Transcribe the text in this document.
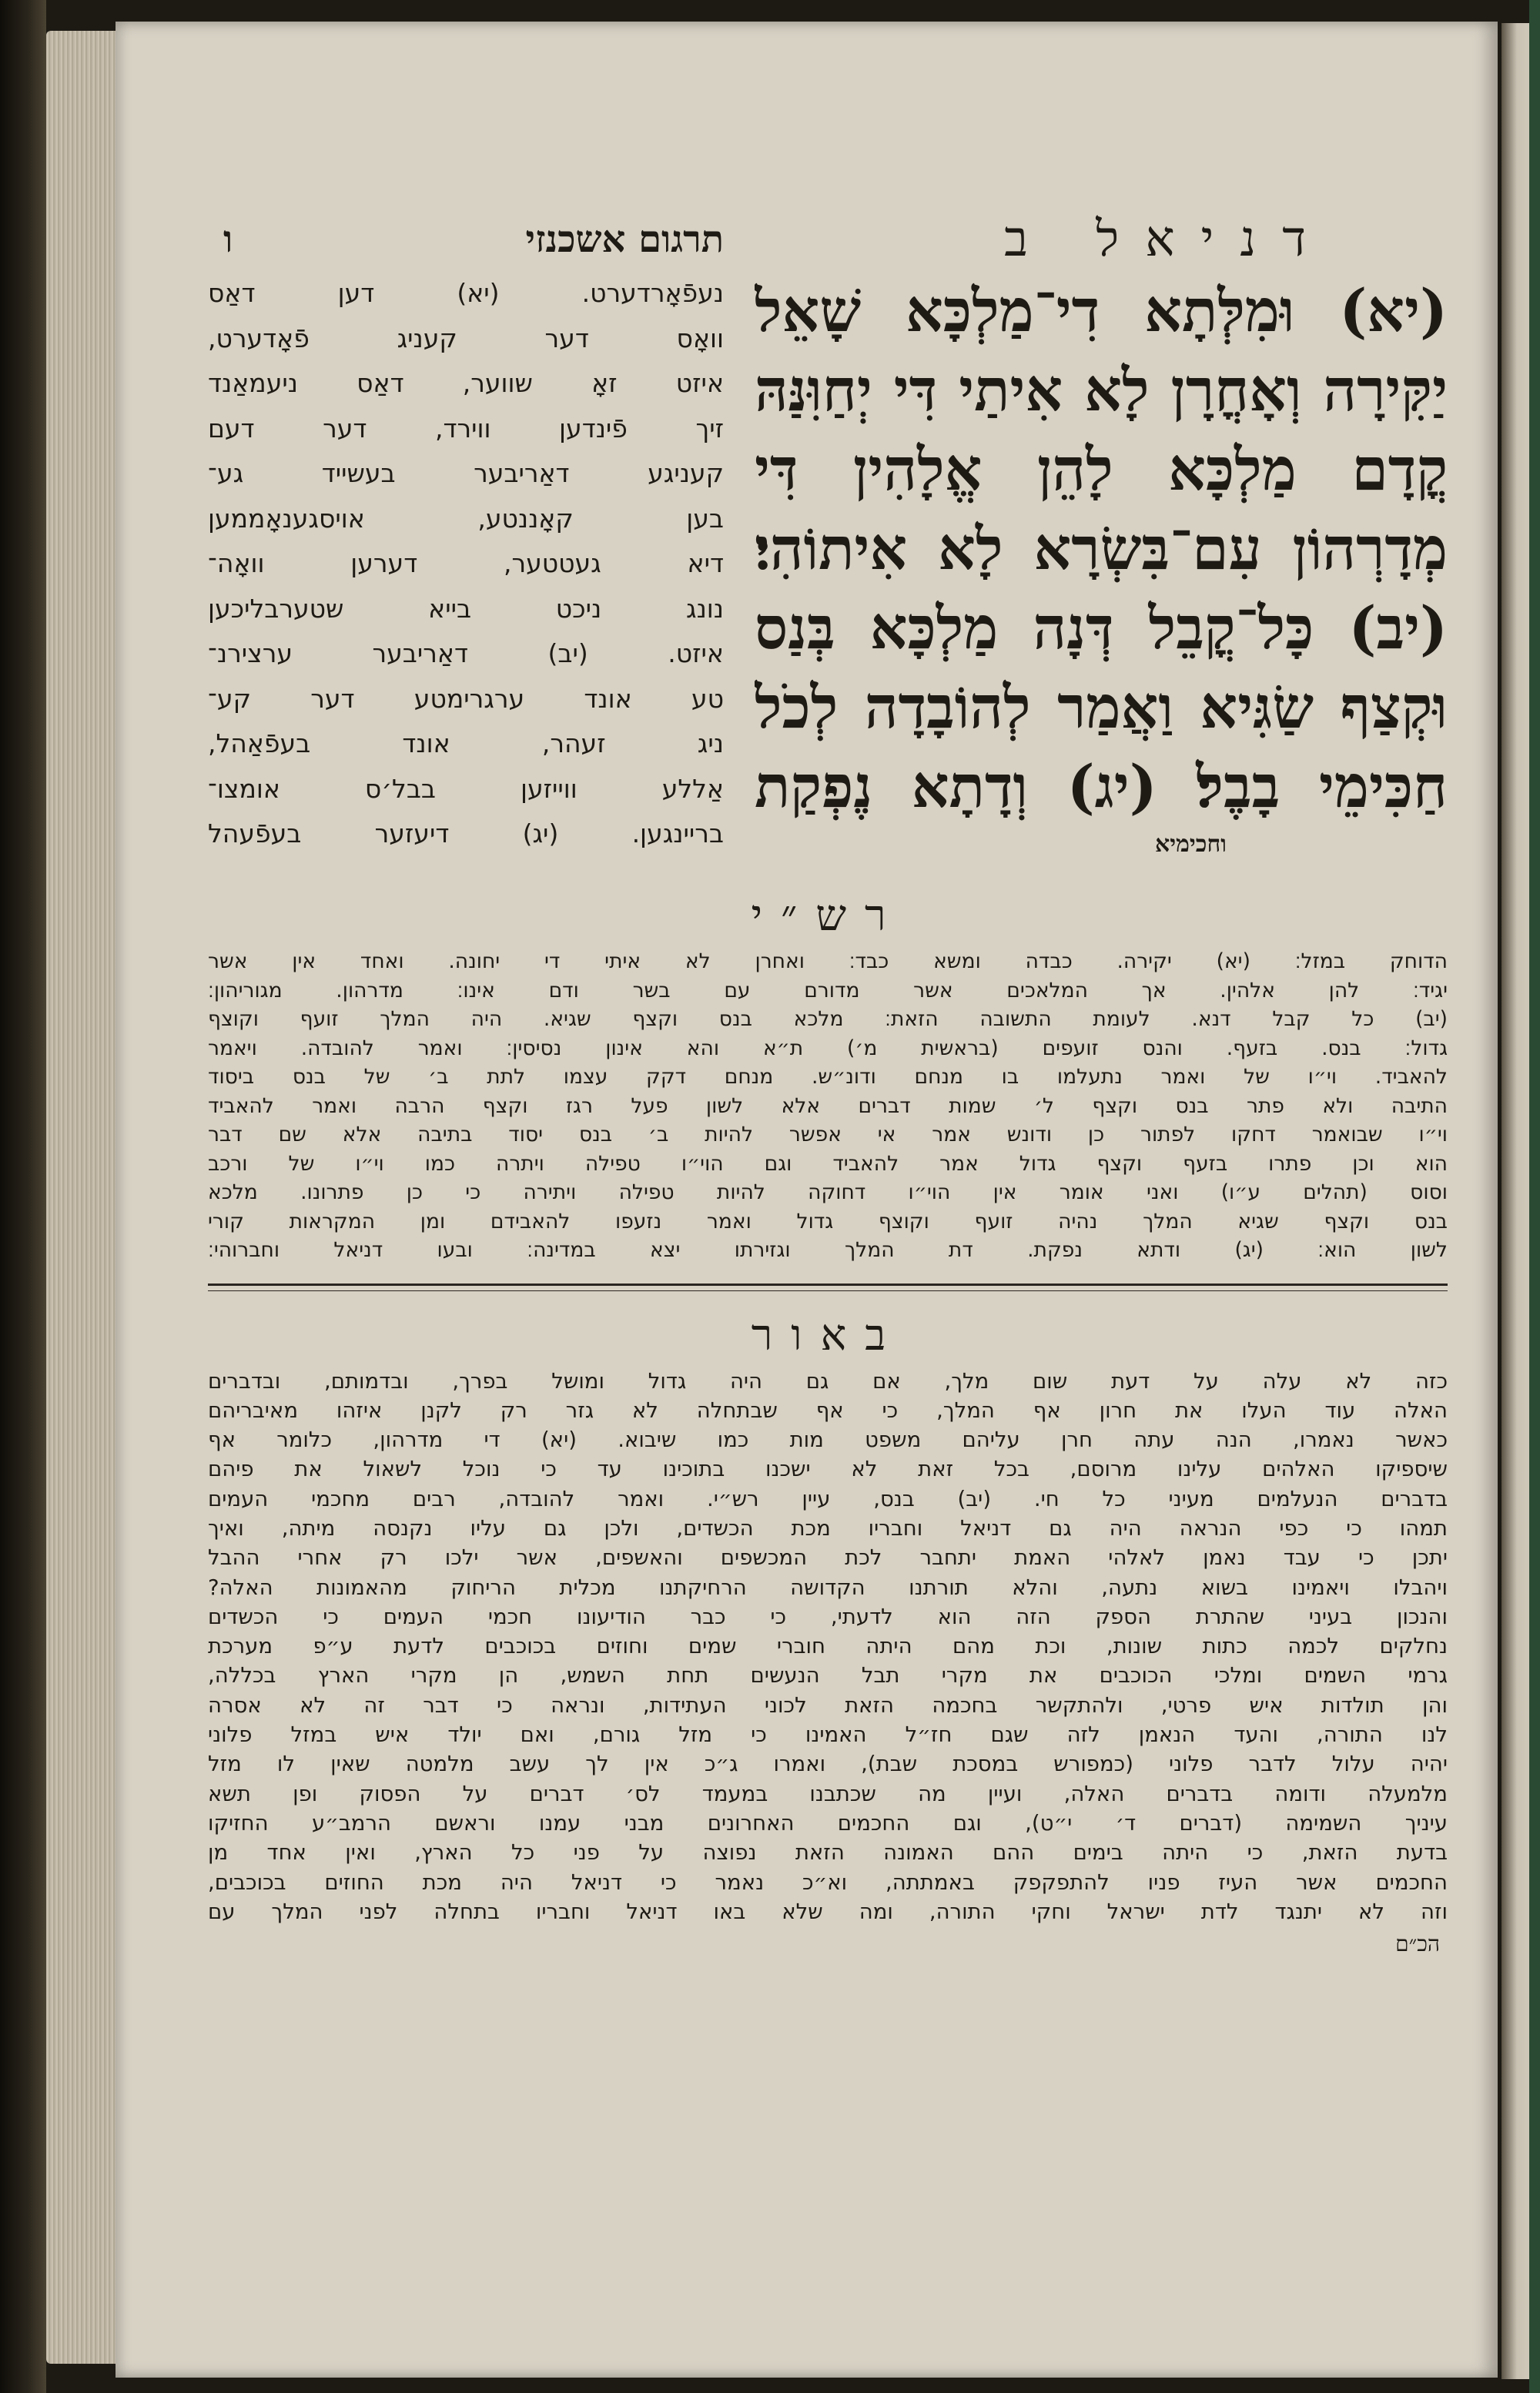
דניאל ב
(יא) וּמִלְּתָא דִי־מַלְכָּא שָׁאֵל
יַקִּירָה וְאָחֳרָן לָא אִיתַי דִּי יְחַוִּנַּהּ
קֳדָם מַלְכָּא לָהֵן אֱלָהִין דִּי
מְדָרְהוֹן עִם־בִּשְׂרָא לָא אִיתוֹהִי׃
(יב) כָּל־קֳבֵל דְּנָה מַלְכָּא בְּנַס
וּקְצַף שַׂגִּיא וַאֲמַר לְהוֹבָדָה לְכֹל
חַכִּימֵי בָבֶל׃ (יג) וְדָתָא נֶפְקַת
וחכימיא
תרגום אשכנזי
ו
נעפֿאָרדערט. (יא) דען דאַס
וואָס דער קעניג פֿאָדערט,
איזט זאָ שווער, דאַס ניעמאַנד
זיך פֿינדען ווירד, דער דעם
קעניגע דאַריבער בעשייד גע־
בען קאָננטע, אויסגענאָממען
דיא געטטער, דערען וואָה־
נונג ניכט בייא שטערבליכען
איזט. (יב) דאַריבער ערצירנ־
טע אונד ערגרימטע דער קע־
ניג זעהר, אונד בעפֿאַהל,
אַללע ווייזען בבל׳ס אומצו־
בריינגען. (יג) דיעזער בעפֿעהל
רש״י
הדוחק במזל׃ (יא) יקירה. כבדה ומשא כבד׃ ואחרן לא איתי די יחונה. ואחד אין אשר
יגיד׃ להן אלהין. אך המלאכים אשר מדורם עם בשר ודם אינו׃ מדרהון. מגוריהון׃
(יב) כל קבל דנא. לעומת התשובה הזאת׃ מלכא בנס וקצף שגיא. היה המלך זועף וקוצף
גדול׃ בנס. בזעף. והנס זועפים (בראשית מ׳) ת״א והא אינון נסיסין׃ ואמר להובדה. ויאמר
להאביד. וי״ו של ואמר נתעלמו בו מנחם ודונ״ש. מנחם דקק עצמו לתת ב׳ של בנס ביסוד
התיבה ולא פתר בנס וקצף ל׳ שמות דברים אלא לשון פעל רגז וקצף הרבה ואמר להאביד
וי״ו שבואמר דחקו לפתור כן ודונש אמר אי אפשר להיות ב׳ בנס יסוד בתיבה אלא שם דבר
הוא וכן פתרו בזעף וקצף גדול אמר להאביד וגם הוי״ו טפילה ויתרה כמו וי״ו של ורכב
וסוס (תהלים ע״ו) ואני אומר אין הוי״ו דחוקה להיות טפילה ויתירה כי כן פתרונו. מלכא
בנס וקצף שגיא המלך נהיה זועף וקוצף גדול ואמר נזעפו להאבידם ומן המקראות קורי
לשון הוא׃ (יג) ודתא נפקת. דת המלך וגזירתו יצא במדינה׃ ובעו דניאל וחברוהי׃
באור
כזה לא עלה על דעת שום מלך, אם גם היה גדול ומושל בפרך, ובדמותם, ובדברים
האלה עוד העלו את חרון אף המלך, כי אף שבתחלה לא גזר רק לקנן איזהו מאיבריהם
כאשר נאמרו, הנה עתה חרן עליהם משפט מות כמו שיבוא. (יא) די מדרהון, כלומר אף
שיספיקו האלהים עלינו מרוסם, בכל זאת לא ישכנו בתוכינו עד כי נוכל לשאול את פיהם
בדברים הנעלמים מעיני כל חי. (יב) בנס, עיין רש״י. ואמר להובדה, רבים מחכמי העמים
תמהו כי כפי הנראה היה גם דניאל וחבריו מכת הכשדים, ולכן גם עליו נקנסה מיתה, ואיך
יתכן כי עבד נאמן לאלהי האמת יתחבר לכת המכשפים והאשפים, אשר ילכו רק אחרי ההבל
ויהבלו ויאמינו בשוא נתעה, והלא תורתנו הקדושה הרחיקתנו מכלית הריחוק מהאמונות האלה?
והנכון בעיני שהתרת הספק הזה הוא לדעתי, כי כבר הודיעונו חכמי העמים כי הכשדים
נחלקים לכמה כתות שונות, וכת מהם היתה חוברי שמים וחוזים בכוכבים לדעת ע״פ מערכת
גרמי השמים ומלכי הכוכבים את מקרי תבל הנעשים תחת השמש, הן מקרי הארץ בכללה,
והן תולדות איש פרטי, ולהתקשר בחכמה הזאת לכוני העתידות, ונראה כי דבר זה לא אסרה
לנו התורה, והעד הנאמן לזה שגם חז״ל האמינו כי מזל גורם, ואם יולד איש במזל פלוני
יהיה עלול לדבר פלוני (כמפורש במסכת שבת), ואמרו ג״כ אין לך עשב מלמטה שאין לו מזל
מלמעלה ודומה בדברים האלה, ועיין מה שכתבנו במעמד לס׳ דברים על הפסוק ופן תשא
עיניך השמימה (דברים ד׳ י״ט), וגם החכמים האחרונים מבני עמנו וראשם הרמב״ע החזיקו
בדעת הזאת, כי היתה בימים ההם האמונה הזאת נפוצה על פני כל הארץ, ואין אחד מן
החכמים אשר העיז פניו להתפקפק באמתתה, וא״כ נאמר כי דניאל היה מכת החוזים בכוכבים,
וזה לא יתנגד לדת ישראל וחקי התורה, ומה שלא באו דניאל וחבריו בתחלה לפני המלך עם
הכ״ם
